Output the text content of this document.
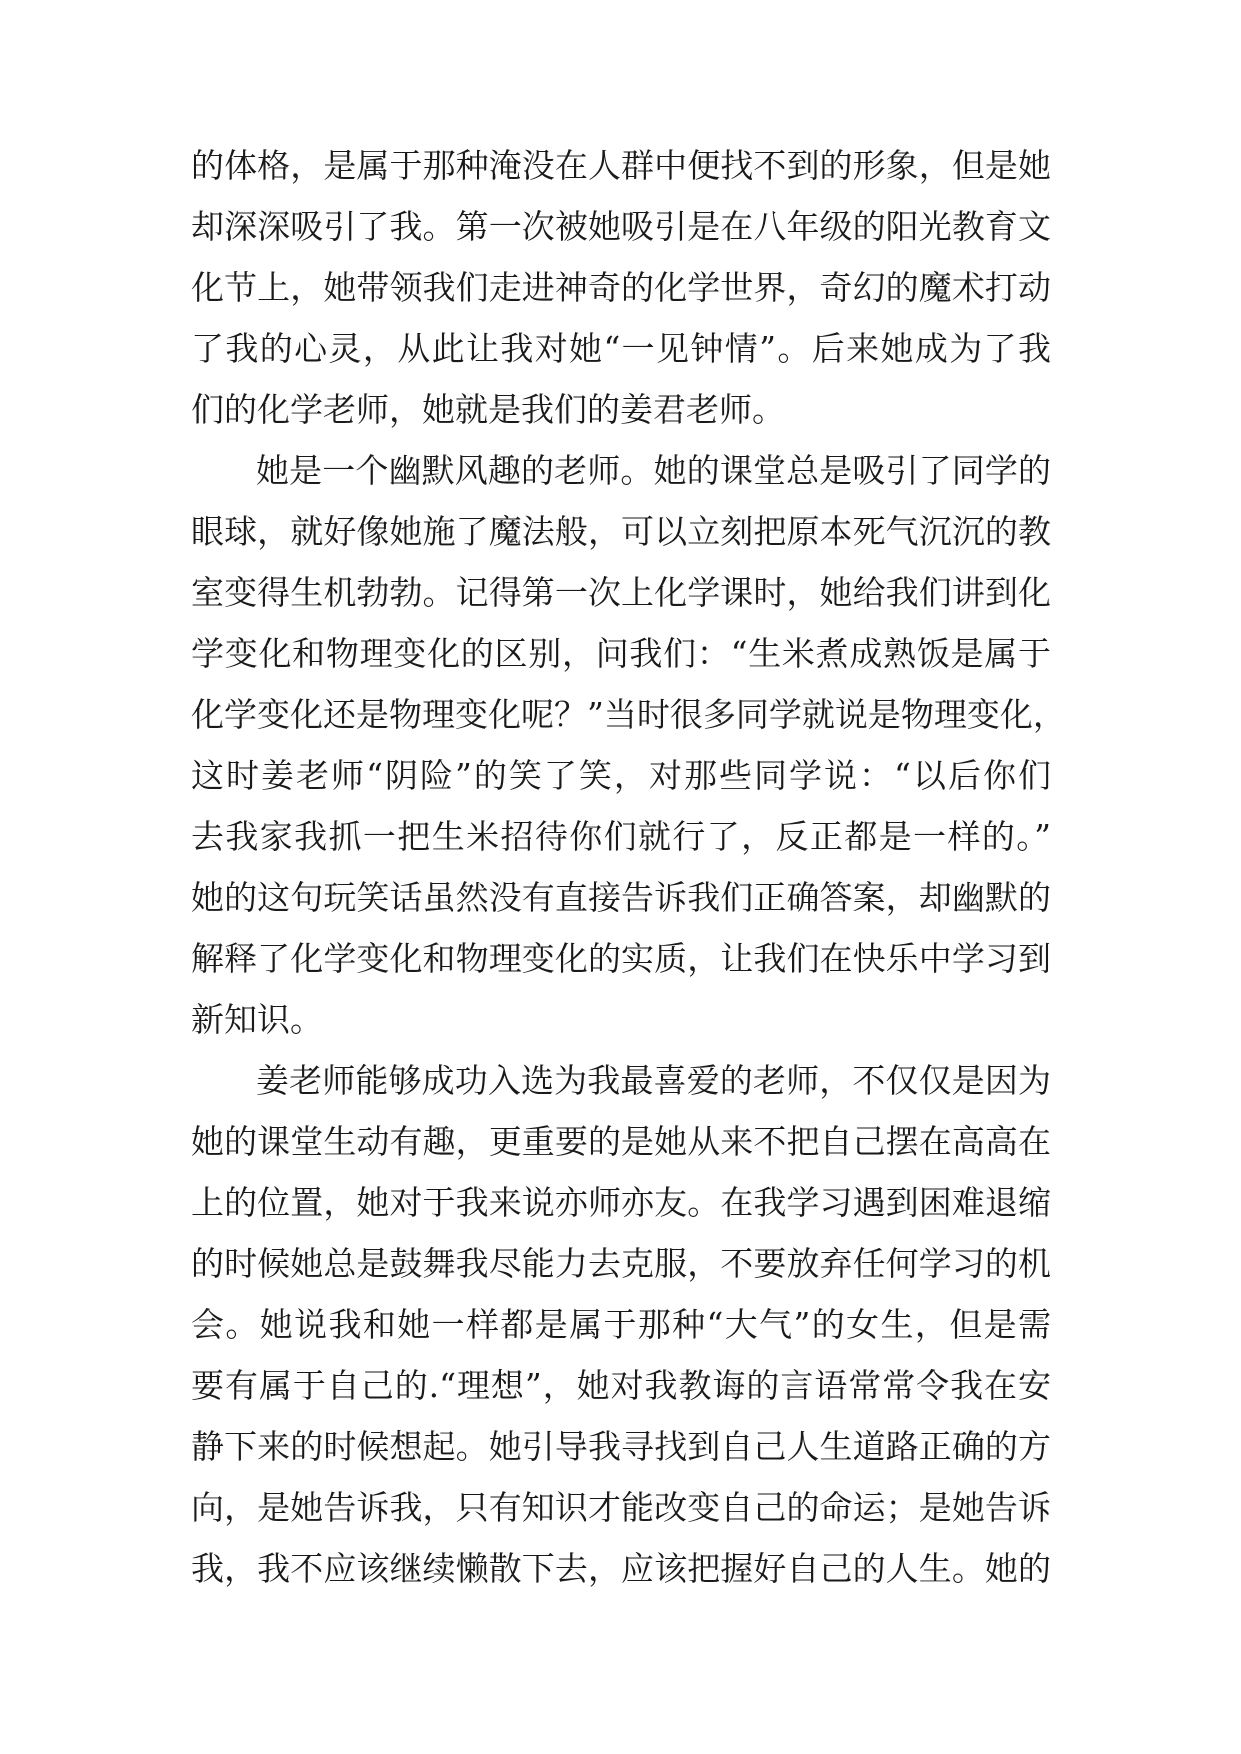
的体格，是属于那种淹没在人群中便找不到的形象，但是她
却深深吸引了我。第一次被她吸引是在八年级的阳光教育文
化节上，她带领我们走进神奇的化学世界，奇幻的魔术打动
了我的心灵，从此让我对她“一见钟情”。后来她成为了我
们的化学老师，她就是我们的姜君老师。
她是一个幽默风趣的老师。她的课堂总是吸引了同学的
眼球，就好像她施了魔法般，可以立刻把原本死气沉沉的教
室变得生机勃勃。记得第一次上化学课时，她给我们讲到化
学变化和物理变化的区别，问我们：“生米煮成熟饭是属于
化学变化还是物理变化呢？”当时很多同学就说是物理变化，
这时姜老师“阴险”的笑了笑，对那些同学说：“以后你们
去我家我抓一把生米招待你们就行了，反正都是一样的。”
她的这句玩笑话虽然没有直接告诉我们正确答案，却幽默的
解释了化学变化和物理变化的实质，让我们在快乐中学习到
新知识。
姜老师能够成功入选为我最喜爱的老师，不仅仅是因为
她的课堂生动有趣，更重要的是她从来不把自己摆在高高在
上的位置，她对于我来说亦师亦友。在我学习遇到困难退缩
的时候她总是鼓舞我尽能力去克服，不要放弃任何学习的机
会。她说我和她一样都是属于那种“大气”的女生，但是需
要有属于自己的.“理想”，她对我教诲的言语常常令我在安
静下来的时候想起。她引导我寻找到自己人生道路正确的方
向，是她告诉我，只有知识才能改变自己的命运；是她告诉
我，我不应该继续懒散下去，应该把握好自己的人生。她的
